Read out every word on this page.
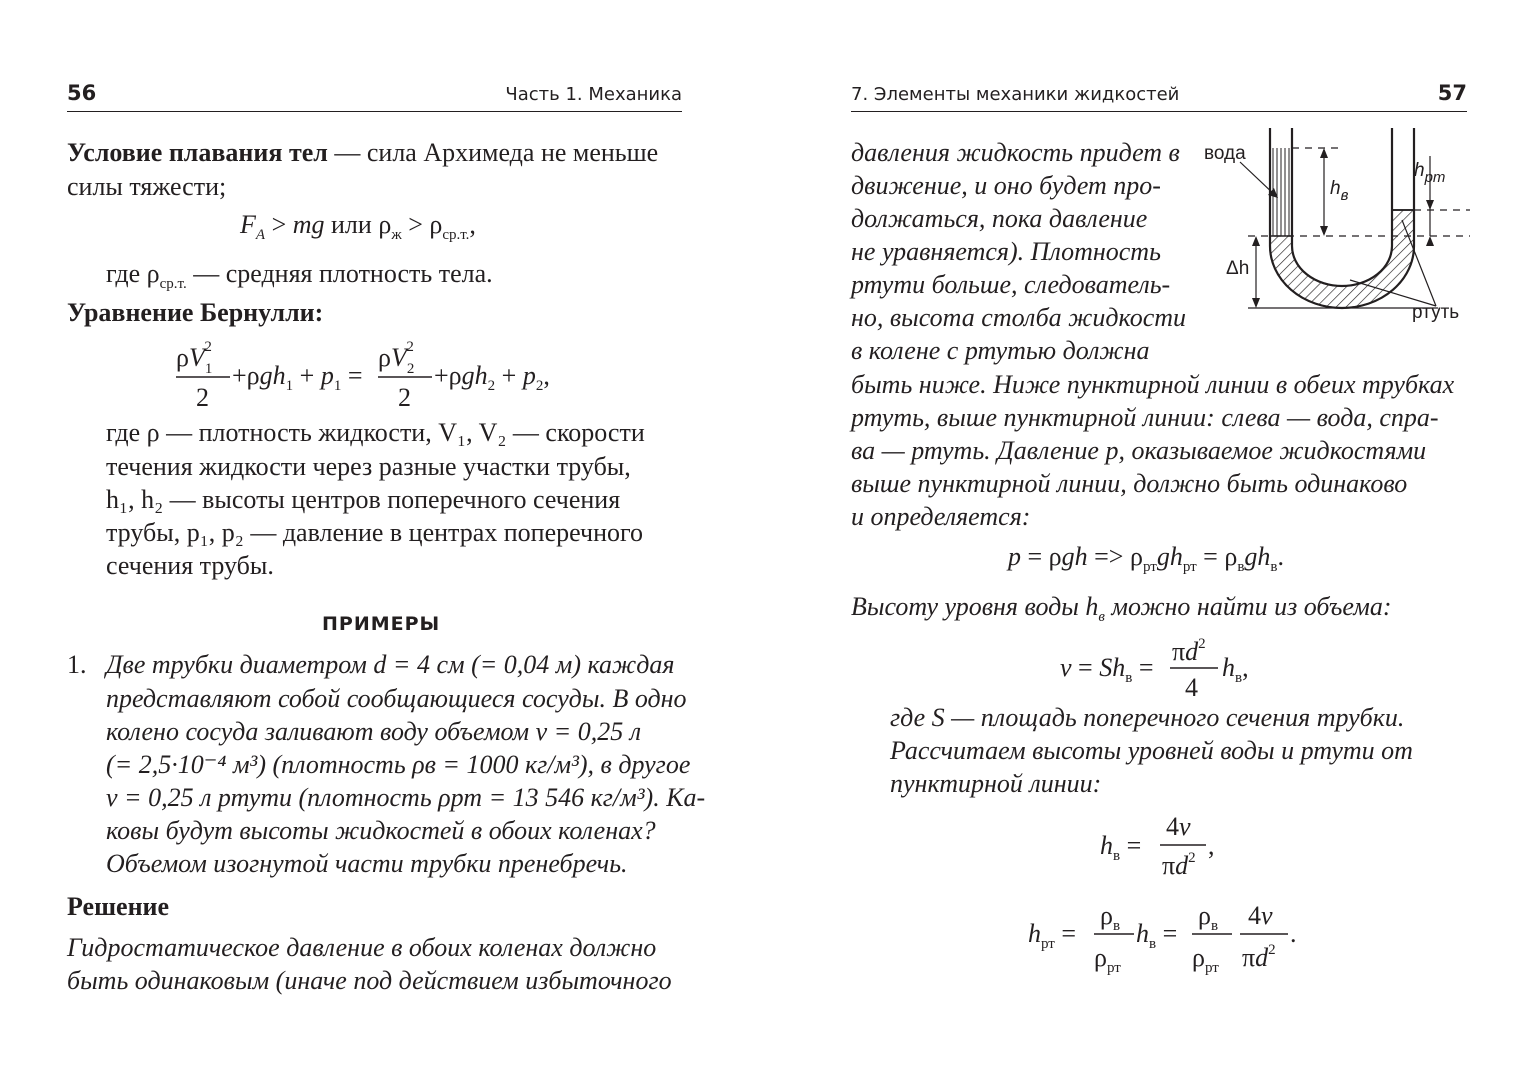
56	Часть 1. Механика
Условие плавания тел — сила Архимеда не меньше
силы тяжести;
$F_A$ > mg или $\rho_ж > \rho_{ср.т.}$,
где $\rho_{ср.т.}$ — средняя плотность тела.
Уравнение Бернулли:
$\rho V_12$
2
$+\rho gh_1 + p_1$ =
$\rho V_22$
2
$+\rho gh_2 + p_2$,
где ρ — плотность жидкости, V₁, V₂ — скорости
течения жидкости через разные участки трубы,
h₁, h₂ — высоты центров поперечного сечения
трубы, p₁, p₂ — давление в центрах поперечного
сечения трубы.
ПРИМЕРЫ
1. Две трубки диаметром d = 4 см (= 0,04 м) каждая
представляют собой сообщающиеся сосуды. В одно
колено сосуда заливают воду объемом v = 0,25 л
(= 2,5·10⁻⁴ м³) (плотность ρв = 1000 кг/м³), в другое
v = 0,25 л ртути (плотность ρрт = 13 546 кг/м³). Ка-
ковы будут высоты жидкостей в обоих коленах?
Объемом изогнутой части трубки пренебречь.
Решение
Гидростатическое давление в обоих коленах должно
быть одинаковым (иначе под действием избыточного
7. Элементы механики жидкостей	57
давления жидкость придет в
движение, и оно будет про-
должаться, пока давление
не уравняется). Плотность
ртути больше, следователь-
но, высота столба жидкости
в колене с ртутью должна
вода
$h_в$
$h_{рт}$
Δh
ртуть
быть ниже. Ниже пунктирной линии в обеих трубках
ртуть, выше пунктирной линии: слева — вода, спра-
ва — ртуть. Давление р, оказываемое жидкостями
выше пунктирной линии, должно быть одинаково
и определяется:
$p = \rho gh => \rho_{рт}gh_{рт} = \rho_вgh_в$.
Высоту уровня воды $h_в$ можно найти из объема:
$v = Sh_в$ =
$\pi d^2$
4
$h_в$,
где S — площадь поперечного сечения трубки.
Рассчитаем высоты уровней воды и ртути от
пунктирной линии:
$h_в$ =
4v
$\pi d^2$ ,
$h_{рт}$ =
$\rho_в$
$\rho_{рт}$
$h_в$ =
$\rho_в$
$\rho_{рт}$
4v
$\pi d^2$
.
